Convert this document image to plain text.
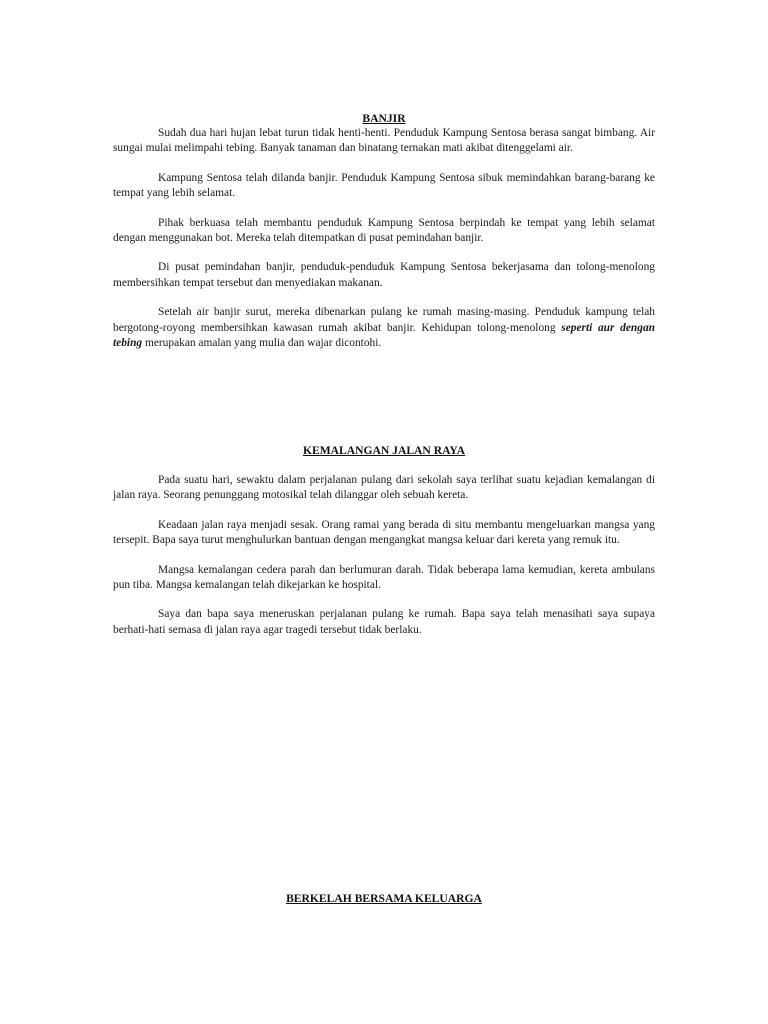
BANJIR

Sudah dua hari hujan lebat turun tidak henti-henti. Penduduk Kampung Sentosa berasa sangat bimbang. Air sungai mulai melimpahi tebing. Banyak tanaman dan binatang ternakan mati akibat ditenggelami air.

Kampung Sentosa telah dilanda banjir. Penduduk Kampung Sentosa sibuk memindahkan barang-barang ke tempat yang lebih selamat.

Pihak berkuasa telah membantu penduduk Kampung Sentosa berpindah ke tempat yang lebih selamat dengan menggunakan bot. Mereka telah ditempatkan di pusat pemindahan banjir.

Di pusat pemindahan banjir, penduduk-penduduk Kampung Sentosa bekerjasama dan tolong-menolong membersihkan tempat tersebut dan menyediakan makanan.

Setelah air banjir surut, mereka dibenarkan pulang ke rumah masing-masing. Penduduk kampung telah bergotong-royong membersihkan kawasan rumah akibat banjir. Kehidupan tolong-menolong seperti aur dengan tebing merupakan amalan yang mulia dan wajar dicontohi.

KEMALANGAN JALAN RAYA

Pada suatu hari, sewaktu dalam perjalanan pulang dari sekolah saya terlihat suatu kejadian kemalangan di jalan raya. Seorang penunggang motosikal telah dilanggar oleh sebuah kereta.

Keadaan jalan raya menjadi sesak. Orang ramai yang berada di situ membantu mengeluarkan mangsa yang tersepit. Bapa saya turut menghulurkan bantuan dengan mengangkat mangsa keluar dari kereta yang remuk itu.

Mangsa kemalangan cedera parah dan berlumuran darah. Tidak beberapa lama kemudian, kereta ambulans pun tiba. Mangsa kemalangan telah dikejarkan ke hospital.

Saya dan bapa saya meneruskan perjalanan pulang ke rumah. Bapa saya telah menasihati saya supaya berhati-hati semasa di jalan raya agar tragedi tersebut tidak berlaku.

BERKELAH BERSAMA KELUARGA
